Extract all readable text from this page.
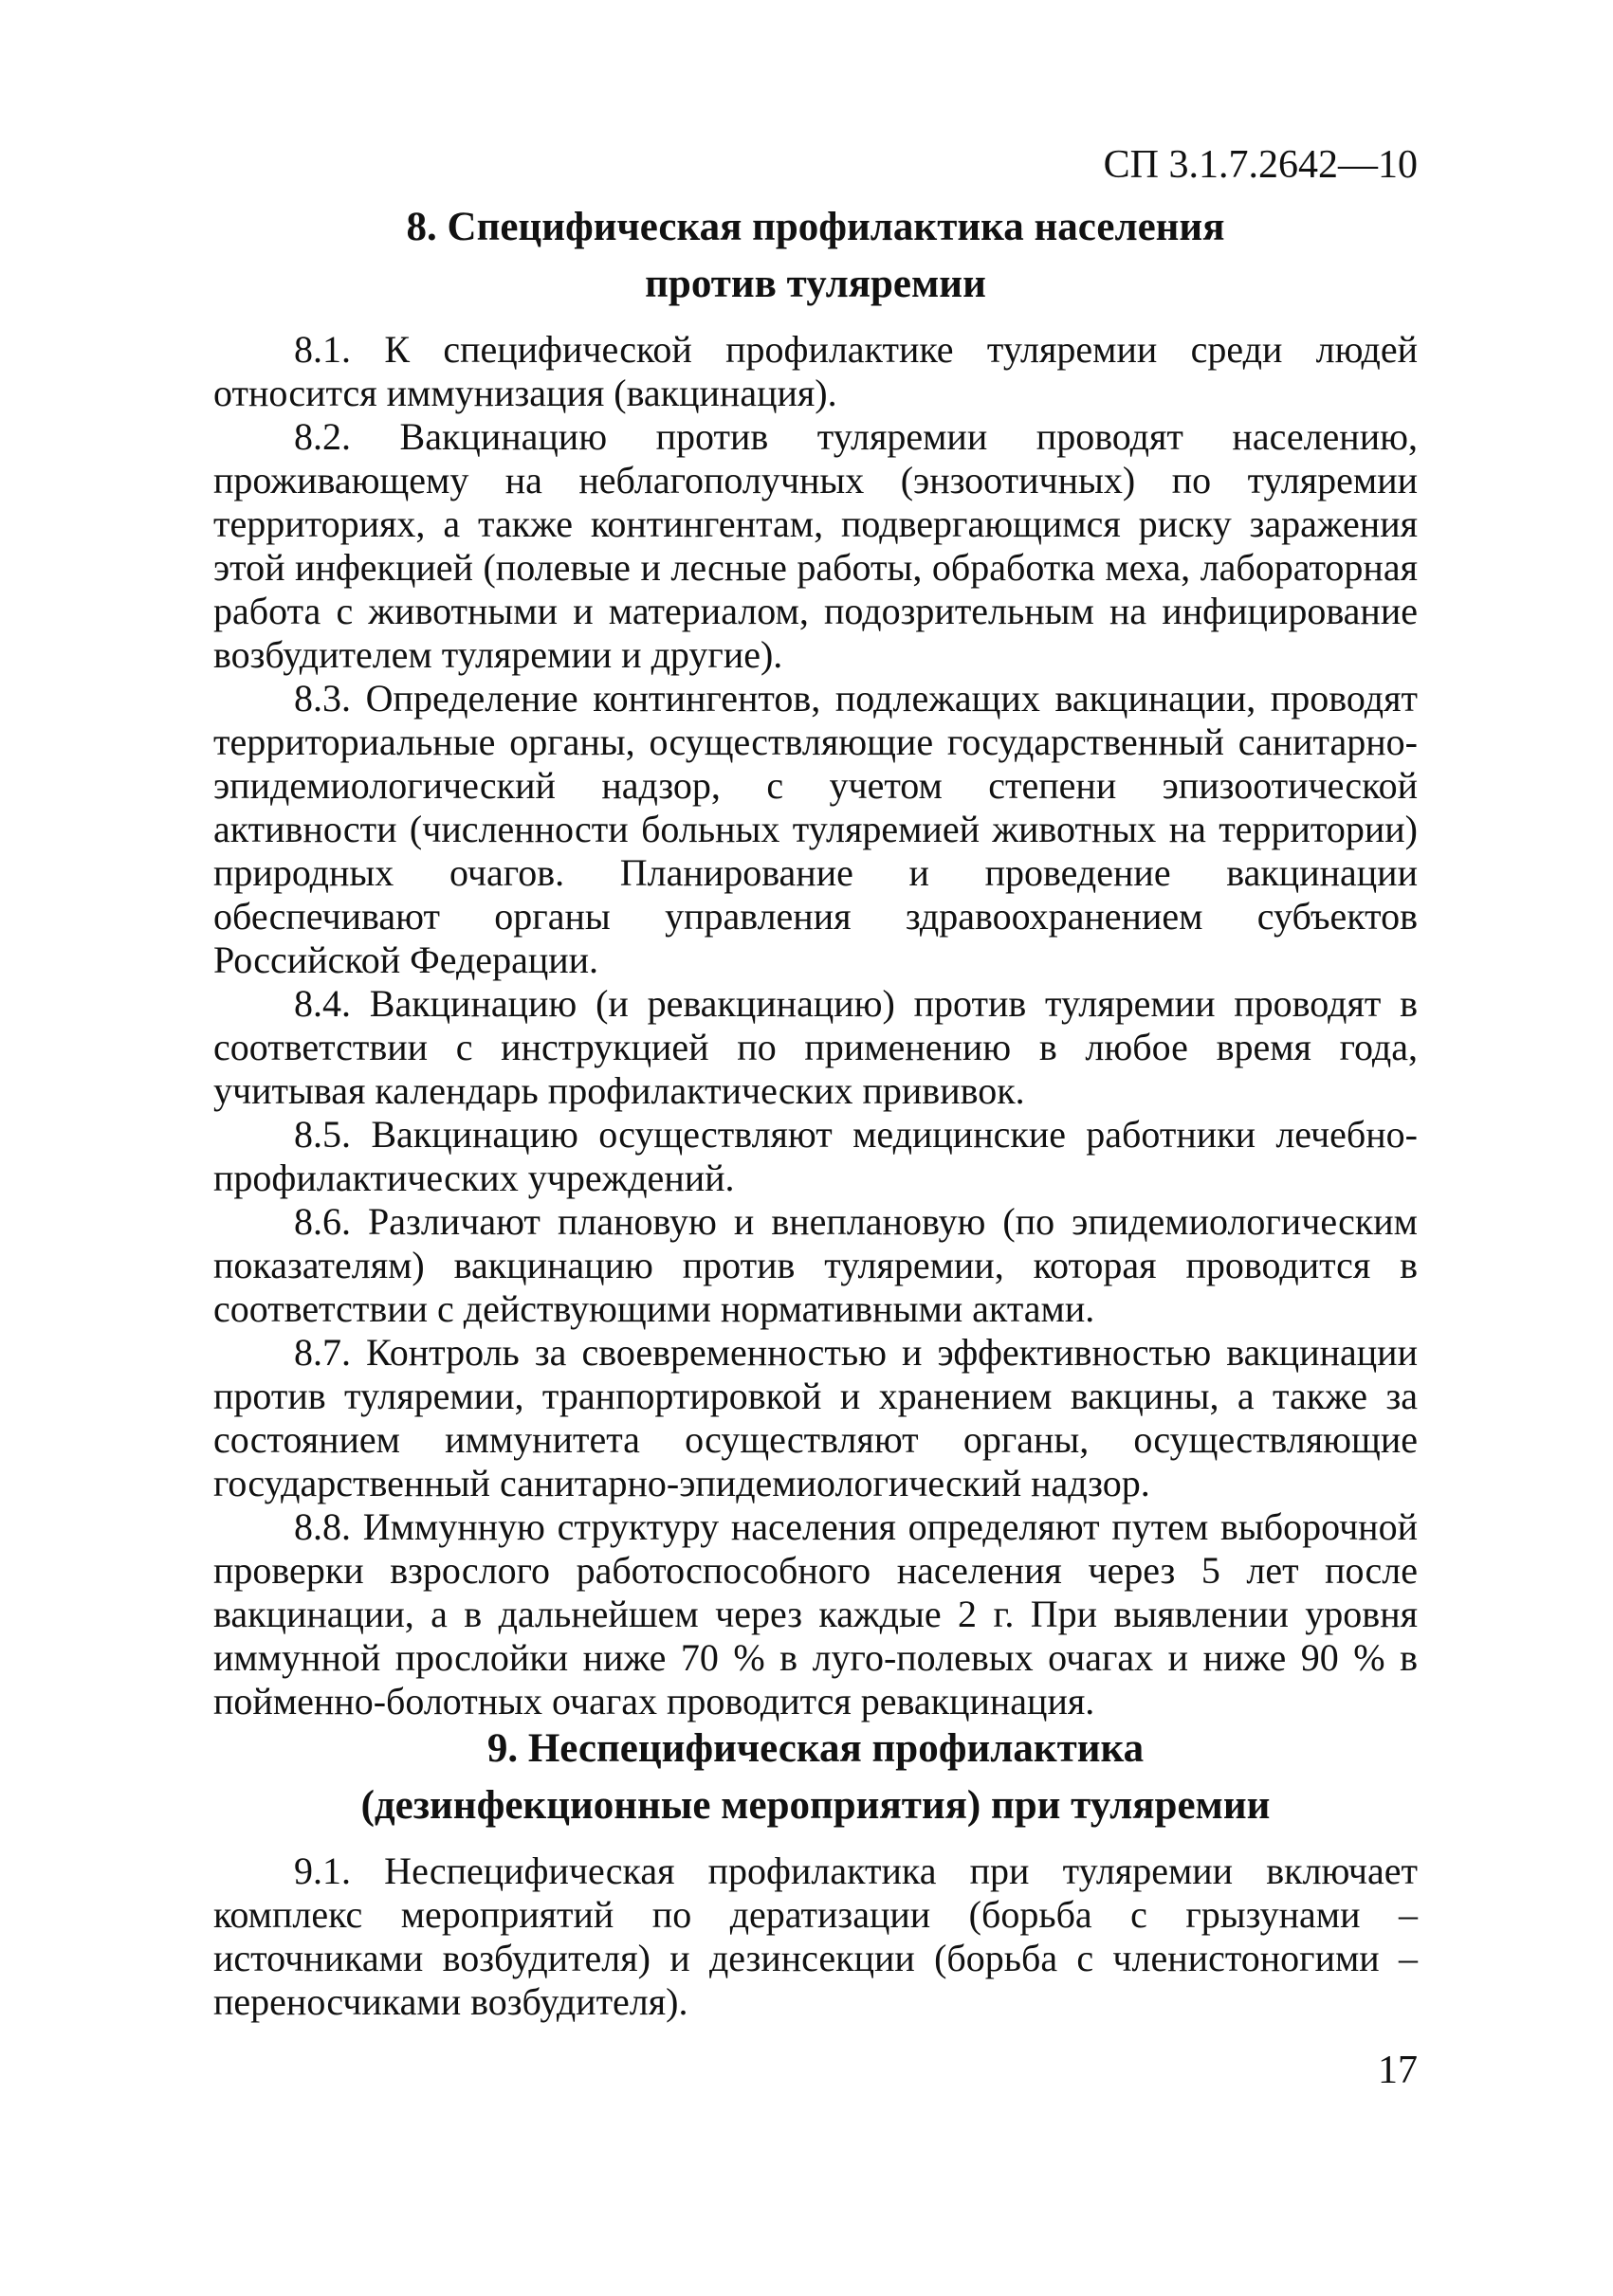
СП 3.1.7.2642—10
8. Специфическая профилактика населения
против туляремии

8.1. К специфической профилактике туляремии среди людей относится иммунизация (вакцинация).

8.2. Вакцинацию против туляремии проводят населению, проживающему на неблагополучных (энзоотичных) по туляремии территориях, а также контингентам, подвергающимся риску заражения этой инфекцией (полевые и лесные работы, обработка меха, лабораторная работа с животными и материалом, подозрительным на инфицирование возбудителем туляремии и другие).

8.3. Определение контингентов, подлежащих вакцинации, проводят территориальные органы, осуществляющие государственный санитарно-эпидемиологический надзор, с учетом степени эпизоотической активности (численности больных туляремией животных на территории) природных очагов. Планирование и проведение вакцинации обеспечивают органы управления здравоохранением субъектов Российской Федерации.

8.4. Вакцинацию (и ревакцинацию) против туляремии проводят в соответствии с инструкцией по применению в любое время года, учитывая календарь профилактических прививок.

8.5. Вакцинацию осуществляют медицинские работники лечебно-профилактических учреждений.

8.6. Различают плановую и внеплановую (по эпидемиологическим показателям) вакцинацию против туляремии, которая проводится в соответствии с действующими нормативными актами.

8.7. Контроль за своевременностью и эффективностью вакцинации против туляремии, транпортировкой и хранением вакцины, а также за состоянием иммунитета осуществляют органы, осуществляющие государственный санитарно-эпидемиологический надзор.

8.8. Иммунную структуру населения определяют путем выборочной проверки взрослого работоспособного населения через 5 лет после вакцинации, а в дальнейшем через каждые 2 г. При выявлении уровня иммунной прослойки ниже 70 % в луго-полевых очагах и ниже 90 % в пойменно-болотных очагах проводится ревакцинация.

9. Неспецифическая профилактика
(дезинфекционные мероприятия) при туляремии

9.1. Неспецифическая профилактика при туляремии включает комплекс мероприятий по дератизации (борьба с грызунами – источниками возбудителя) и дезинсекции (борьба с членистоногими – переносчиками возбудителя).

17
